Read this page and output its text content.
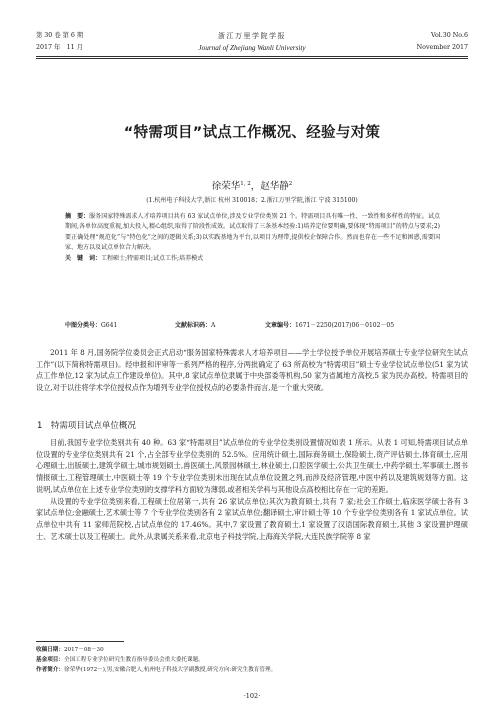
第 30 卷 第 6 期
2017 年　11 月
浙江万里学院学报
Journal of Zhejiang Wanli University
Vol.30 No.6
November 2017
“特需项目”试点工作概况、经验与对策
徐荣华$^{1, 2}$，赵华静$^2$
(1.杭州电子科技大学,浙江 杭州 310018；2.浙江万里学院,浙江 宁波 315100)
摘　要：服务国家特殊需求人才培养项目共有 63 家试点单位,涉及专业学位类别 21 个。特需项目具有唯一性、一致性和多样性的特征。试点期间,各单位高度重视,加大投入,精心组织,取得了阶段性成效。试点取得了三条基本经验:1)培养定位要明确,要体现“特需项目”的特点与要求;2)要正确处理“规范化”与“特色化”之间的逻辑关系;3)以实践基地为平台,以项目为理带,提供校企保障合作。然而也存在一些不足和困惑,需要国家、地方以及试点单位合力解决。
关　键　词：工程硕士;特需项目;试点工作;培养模式
中图分类号：G641	文献标识码：A	文章编号：1671－2250(2017)06－0102－05

2011 年 8 月,国务院学位委员会正式启动“服务国家特殊需求人才培养项目——学士学位授予单位开展培养硕士专业学位研究生试点工作”(以下简称特需项目)。经申报和评审等一系列严格的程序,分两批确定了 63 所高校为“特需项目”硕士专业学位试点单位(51 家为试点工作单位,12 家为试点工作建设单位)。其中,8 家试点单位隶属于中央部委等机构,50 家为省属地方高校,5 家为民办高校。特需项目的设立,对于以往将学术学位授权点作为增列专业学位授权点的必要条件而言,是一个重大突破。

1　特需项目试点单位概况

目前,我国专业学位类别共有 40 种。63 家“特需项目”试点单位的专业学位类别设置情况如表 1 所示。从表 1 可知,特需项目试点单位设置的专业学位类别共有 21 个,占全部专业学位类别的 52.5%。应用统计硕士,国际商务硕士,保险硕士,资产评估硕士,体育硕士,应用心理硕士,出版硕士,建筑学硕士,城市规划硕士,兽医硕士,风景园林硕士,林业硕士,口腔医学硕士,公共卫生硕士,中药学硕士,军事硕士,图书情报硕士,工程管理硕士,中医硕士等 19 个专业学位类别未出现在试点单位设置之列,而涉及经济管理,中医中药以及建筑规划等方面。这说明,试点单位在上述专业学位类别的支撑学科方面较为薄弱,或者相关学科与其他设点高校相比存在一定的差距。

从设置的专业学位类别来看,工程硕士位居第一,共有 26 家试点单位;其次为教育硕士,共有 7 家;社会工作硕士,临床医学硕士各有 3 家试点单位;金融硕士,艺术硕士等 7 个专业学位类别各有 2 家试点单位;翻译硕士,审计硕士等 10 个专业学位类别各有 1 家试点单位。试点单位中共有 11 家师范院校,占试点单位的 17.46%。其中,7 家设置了教育硕士,1 家设置了汉语国际教育硕士,其他 3 家设置护理硕士、艺术硕士以及工程硕士。此外,从隶属关系来看,北京电子科技学院,上海海关学院,大连民族学院等 8 家

收稿日期：2017－08－30
基金项目：全国工程专业学位研究生教育指导委员会重大委托课题。
作者简介：徐荣华(1972－),男,安徽合肥人,杭州电子科技大学副教授,研究方向:研究生教育管理。
·102·
